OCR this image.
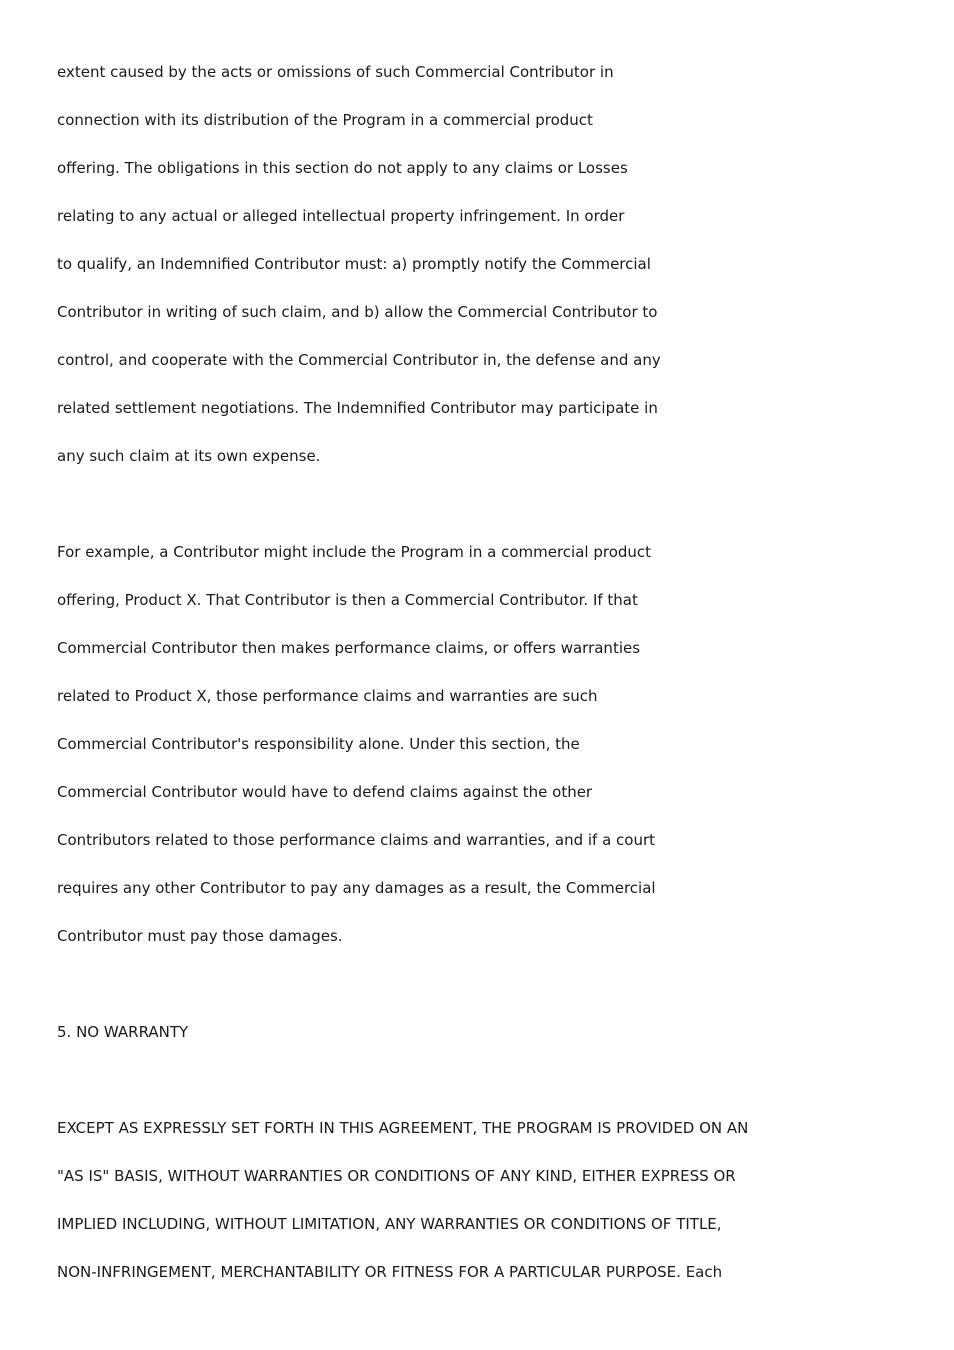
extent caused by the acts or omissions of such Commercial Contributor in
connection with its distribution of the Program in a commercial product
offering. The obligations in this section do not apply to any claims or Losses
relating to any actual or alleged intellectual property infringement. In order
to qualify, an Indemnified Contributor must: a) promptly notify the Commercial
Contributor in writing of such claim, and b) allow the Commercial Contributor to
control, and cooperate with the Commercial Contributor in, the defense and any
related settlement negotiations. The Indemnified Contributor may participate in
any such claim at its own expense.
For example, a Contributor might include the Program in a commercial product
offering, Product X. That Contributor is then a Commercial Contributor. If that
Commercial Contributor then makes performance claims, or offers warranties
related to Product X, those performance claims and warranties are such
Commercial Contributor's responsibility alone. Under this section, the
Commercial Contributor would have to defend claims against the other
Contributors related to those performance claims and warranties, and if a court
requires any other Contributor to pay any damages as a result, the Commercial
Contributor must pay those damages.
5. NO WARRANTY
EXCEPT AS EXPRESSLY SET FORTH IN THIS AGREEMENT, THE PROGRAM IS PROVIDED ON AN
"AS IS" BASIS, WITHOUT WARRANTIES OR CONDITIONS OF ANY KIND, EITHER EXPRESS OR
IMPLIED INCLUDING, WITHOUT LIMITATION, ANY WARRANTIES OR CONDITIONS OF TITLE,
NON-INFRINGEMENT, MERCHANTABILITY OR FITNESS FOR A PARTICULAR PURPOSE. Each
